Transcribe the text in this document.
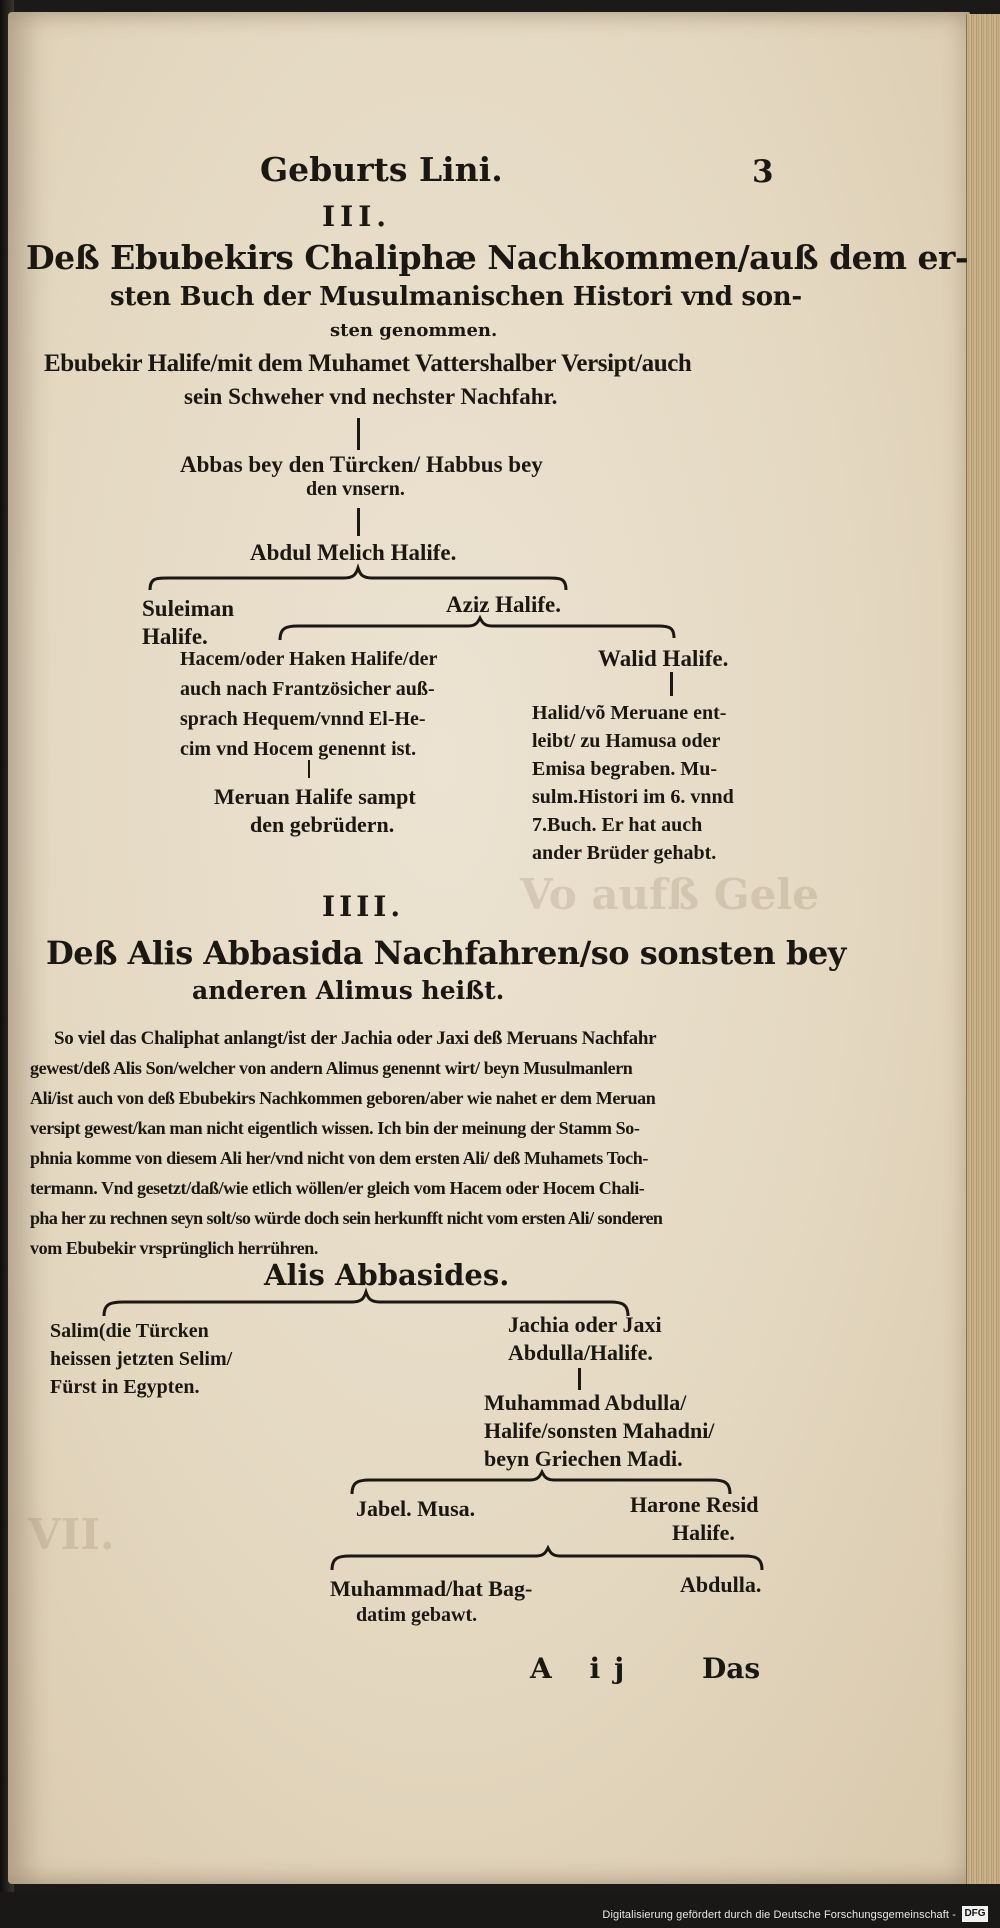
Vo aufß Gele
VII.
Geburts Lini.	3
III.
Deß Ebubekirs Chaliphæ Nachkommen/auß dem er-
sten Buch der Musulmanischen Histori vnd son-
sten genommen.
Ebubekir Halife/mit dem Muhamet Vattershalber Versipt/auch
sein Schweher vnd nechster Nachfahr.
Abbas bey den Türcken/ Habbus bey
den vnsern.
Abdul Melich Halife.
Suleiman
Halife.
Aziz Halife.
Hacem/oder Haken Halife/der
auch nach Frantzösicher auß-
sprach Hequem/vnnd El-He-
cim vnd Hocem genennt ist.
Walid Halife.
Meruan Halife sampt
den gebrüdern.
Halid/võ Meruane ent-
leibt/ zu Hamusa oder
Emisa begraben. Mu-
sulm.Histori im 6. vnnd
7.Buch. Er hat auch
ander Brüder gehabt.
IIII.
Deß Alis Abbasida Nachfahren/so sonsten bey
anderen Alimus heißt.
So viel das Chaliphat anlangt/ist der Jachia oder Jaxi deß Meruans Nachfahr
gewest/deß Alis Son/welcher von andern Alimus genennt wirt/ beyn Musulmanlern
Ali/ist auch von deß Ebubekirs Nachkommen geboren/aber wie nahet er dem Meruan
versipt gewest/kan man nicht eigentlich wissen. Ich bin der meinung der Stamm So-
phnia komme von diesem Ali her/vnd nicht von dem ersten Ali/ deß Muhamets Toch-
termann. Vnd gesetzt/daß/wie etlich wöllen/er gleich vom Hacem oder Hocem Chali-
pha her zu rechnen seyn solt/so würde doch sein herkunfft nicht vom ersten Ali/ sonderen
vom Ebubekir vrsprünglich herrühren.
Alis Abbasides.
Salim(die Türcken
heissen jetzten Selim/
Fürst in Egypten.
Jachia oder Jaxi
Abdulla/Halife.
Muhammad Abdulla/
Halife/sonsten Mahadni/
beyn Griechen Madi.
Jabel. Musa.	Harone Resid
Halife.
Muhammad/hat Bag-
datim gebawt.
Abdulla.
A ij Das
Digitalisierung gefördert durch die Deutsche Forschungsgemeinschaft - DFG
